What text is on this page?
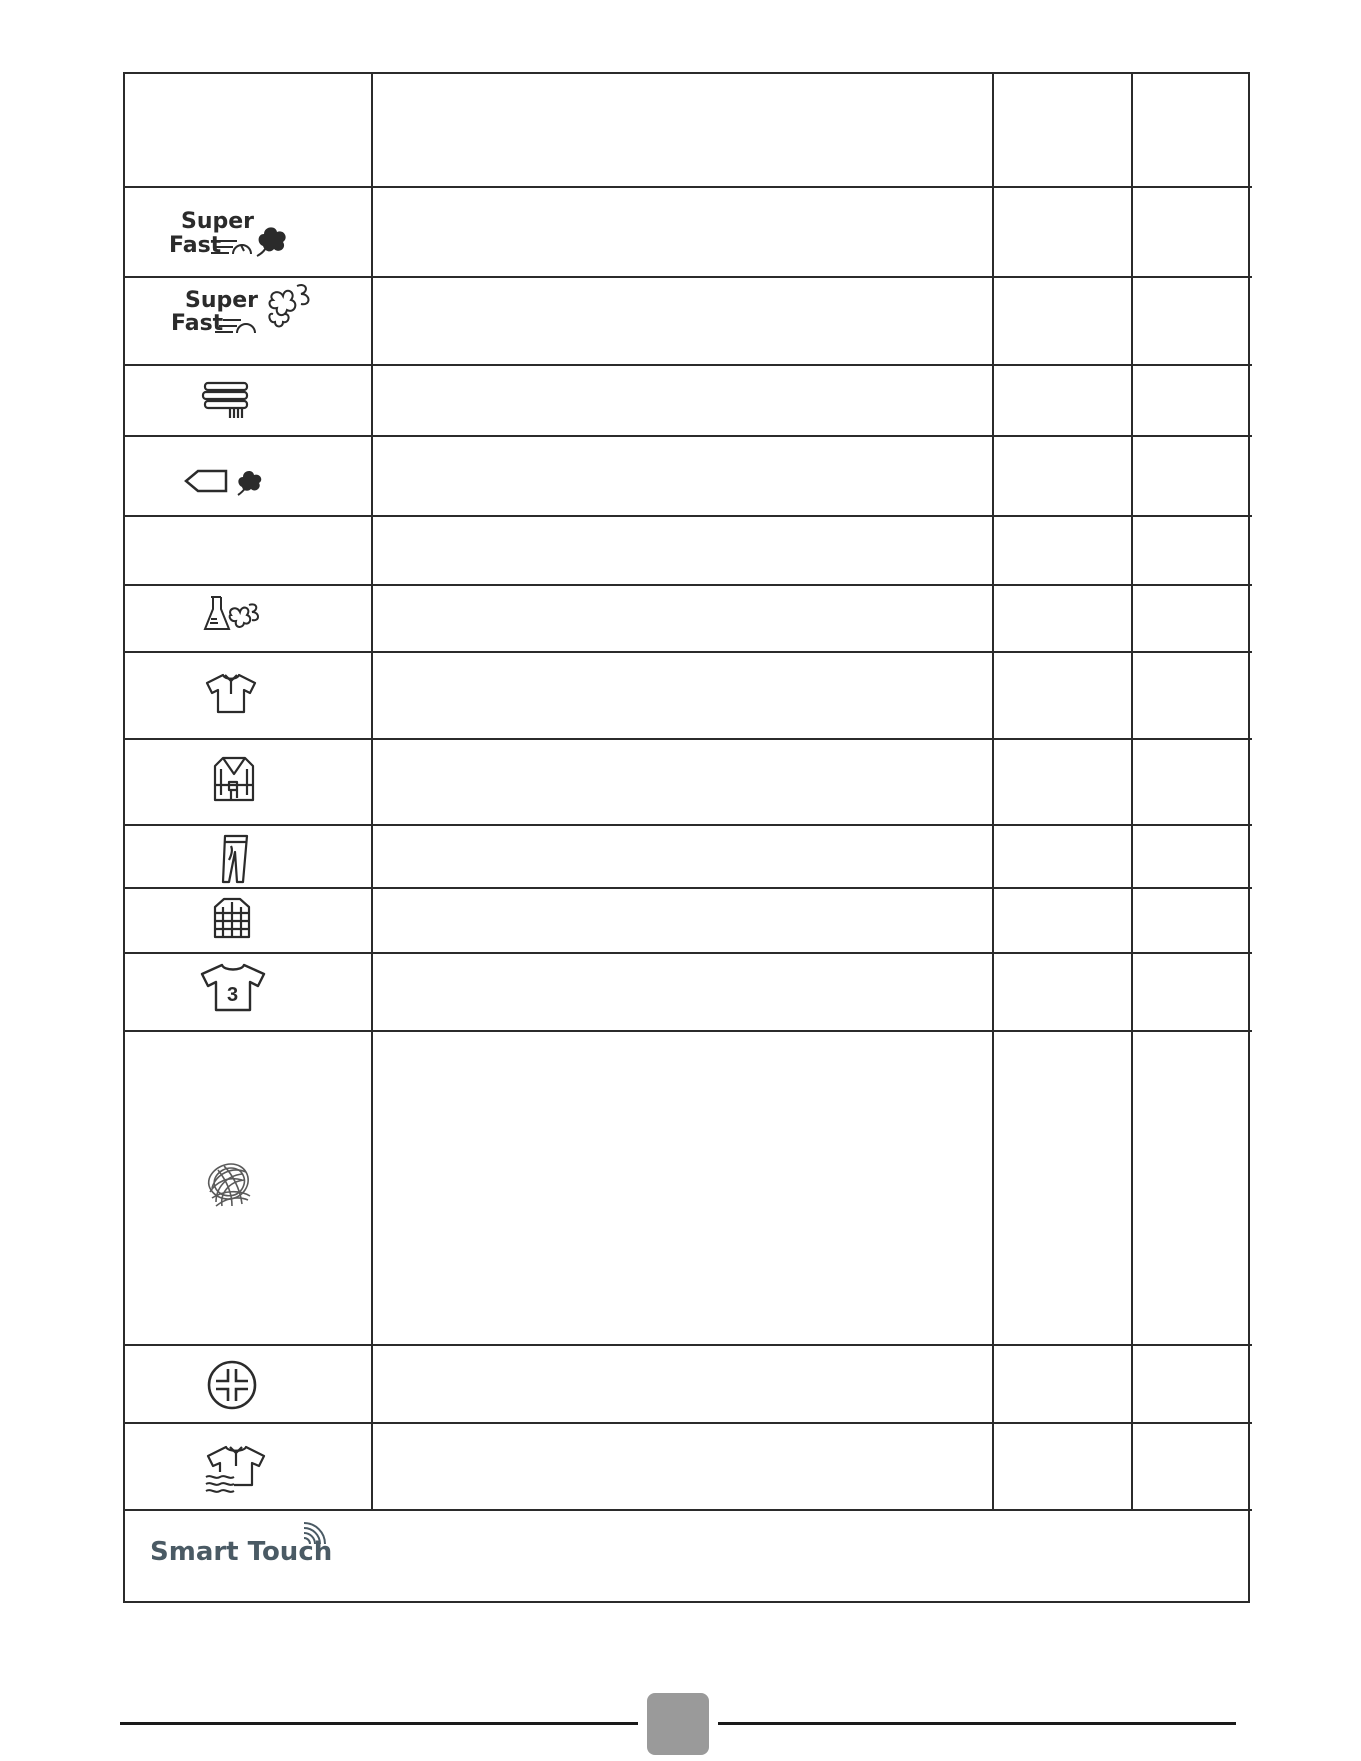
Super
Fast
Super
Fast
3
Smart Touch
